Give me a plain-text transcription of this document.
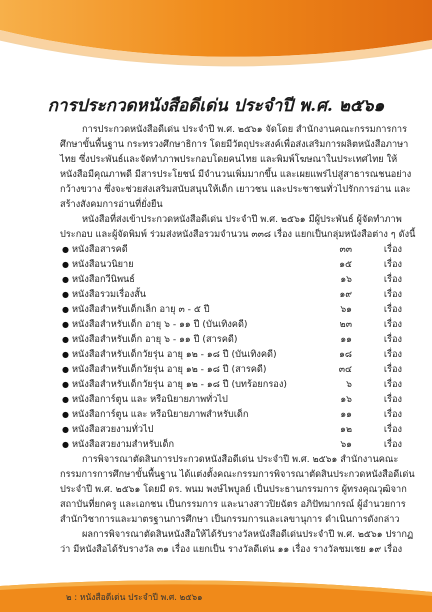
การประกวดหนังสือดีเด่น ประจำปี พ.ศ. ๒๕๖๑

การประกวดหนังสือดีเด่น ประจำปี พ.ศ. ๒๕๖๑ จัดโดย สำนักงานคณะกรรมการการศึกษาขั้นพื้นฐาน กระทรวงศึกษาธิการ โดยมีวัตถุประสงค์เพื่อส่งเสริมการผลิตหนังสือภาษาไทย ซึ่งประพันธ์และจัดทำภาพประกอบโดยคนไทย และพิมพ์โฆษณาในประเทศไทย ให้หนังสือมีคุณภาพดี มีสารประโยชน์ มีจำนวนเพิ่มมากขึ้น และเผยแพร่ไปสู่สาธารณชนอย่างกว้างขวาง ซึ่งจะช่วยส่งเสริมสนับสนุนให้เด็ก เยาวชน และประชาชนทั่วไปรักการอ่าน และสร้างสังคมการอ่านที่ยั่งยืน

หนังสือที่ส่งเข้าประกวดหนังสือดีเด่น ประจำปี พ.ศ. ๒๕๖๑ มีผู้ประพันธ์ ผู้จัดทำภาพประกอบ และผู้จัดพิมพ์ ร่วมส่งหนังสือรวมจำนวน ๓๓๘ เรื่อง แยกเป็นกลุ่มหนังสือต่าง ๆ ดังนี้

● หนังสือสารคดี	๓๓	เรื่อง
● หนังสือนวนิยาย	๑๕	เรื่อง
● หนังสือกวีนิพนธ์	๑๖	เรื่อง
● หนังสือรวมเรื่องสั้น	๑๙	เรื่อง
● หนังสือสำหรับเด็กเล็ก อายุ ๓ - ๕ ปี	๖๑	เรื่อง
● หนังสือสำหรับเด็ก อายุ ๖ - ๑๑ ปี (บันเทิงคดี)	๒๓	เรื่อง
● หนังสือสำหรับเด็ก อายุ ๖ - ๑๑ ปี (สารคดี)	๑๑	เรื่อง
● หนังสือสำหรับเด็กวัยรุ่น อายุ ๑๒ - ๑๘ ปี (บันเทิงคดี)	๑๘	เรื่อง
● หนังสือสำหรับเด็กวัยรุ่น อายุ ๑๒ - ๑๘ ปี (สารคดี)	๓๔	เรื่อง
● หนังสือสำหรับเด็กวัยรุ่น อายุ ๑๒ - ๑๘ ปี (บทร้อยกรอง)	๖	เรื่อง
● หนังสือการ์ตูน และ หรือนิยายภาพทั่วไป	๑๖	เรื่อง
● หนังสือการ์ตูน และ หรือนิยายภาพสำหรับเด็ก	๑๑	เรื่อง
● หนังสือสวยงามทั่วไป	๑๒	เรื่อง
● หนังสือสวยงามสำหรับเด็ก	๖๑	เรื่อง

การพิจารณาตัดสินการประกวดหนังสือดีเด่น ประจำปี พ.ศ. ๒๕๖๑ สำนักงานคณะกรรมการการศึกษาขั้นพื้นฐาน ได้แต่งตั้งคณะกรรมการพิจารณาตัดสินประกวดหนังสือดีเด่น ประจำปี พ.ศ. ๒๕๖๑ โดยมี ดร. พนม พงษ์ไพบูลย์ เป็นประธานกรรมการ ผู้ทรงคุณวุฒิจากสถาบันที่ยกครู และเอกชน เป็นกรรมการ และนางสาวปิยฉัตร อภิปัทมากรณ์ ผู้อำนวยการสำนักวิชาการและมาตรฐานการศึกษา เป็นกรรมการและเลขานุการ ดำเนินการดังกล่าว

ผลการพิจารณาตัดสินหนังสือให้ได้รับรางวัลหนังสือดีเด่นประจำปี พ.ศ. ๒๕๖๑ ปรากฏว่า มีหนังสือได้รับรางวัล ๓๑ เรื่อง แยกเป็น รางวัลดีเด่น ๑๑ เรื่อง รางวัลชมเชย ๑๙ เรื่อง

๒ : หนังสือดีเด่น ประจำปี พ.ศ. ๒๕๖๑
